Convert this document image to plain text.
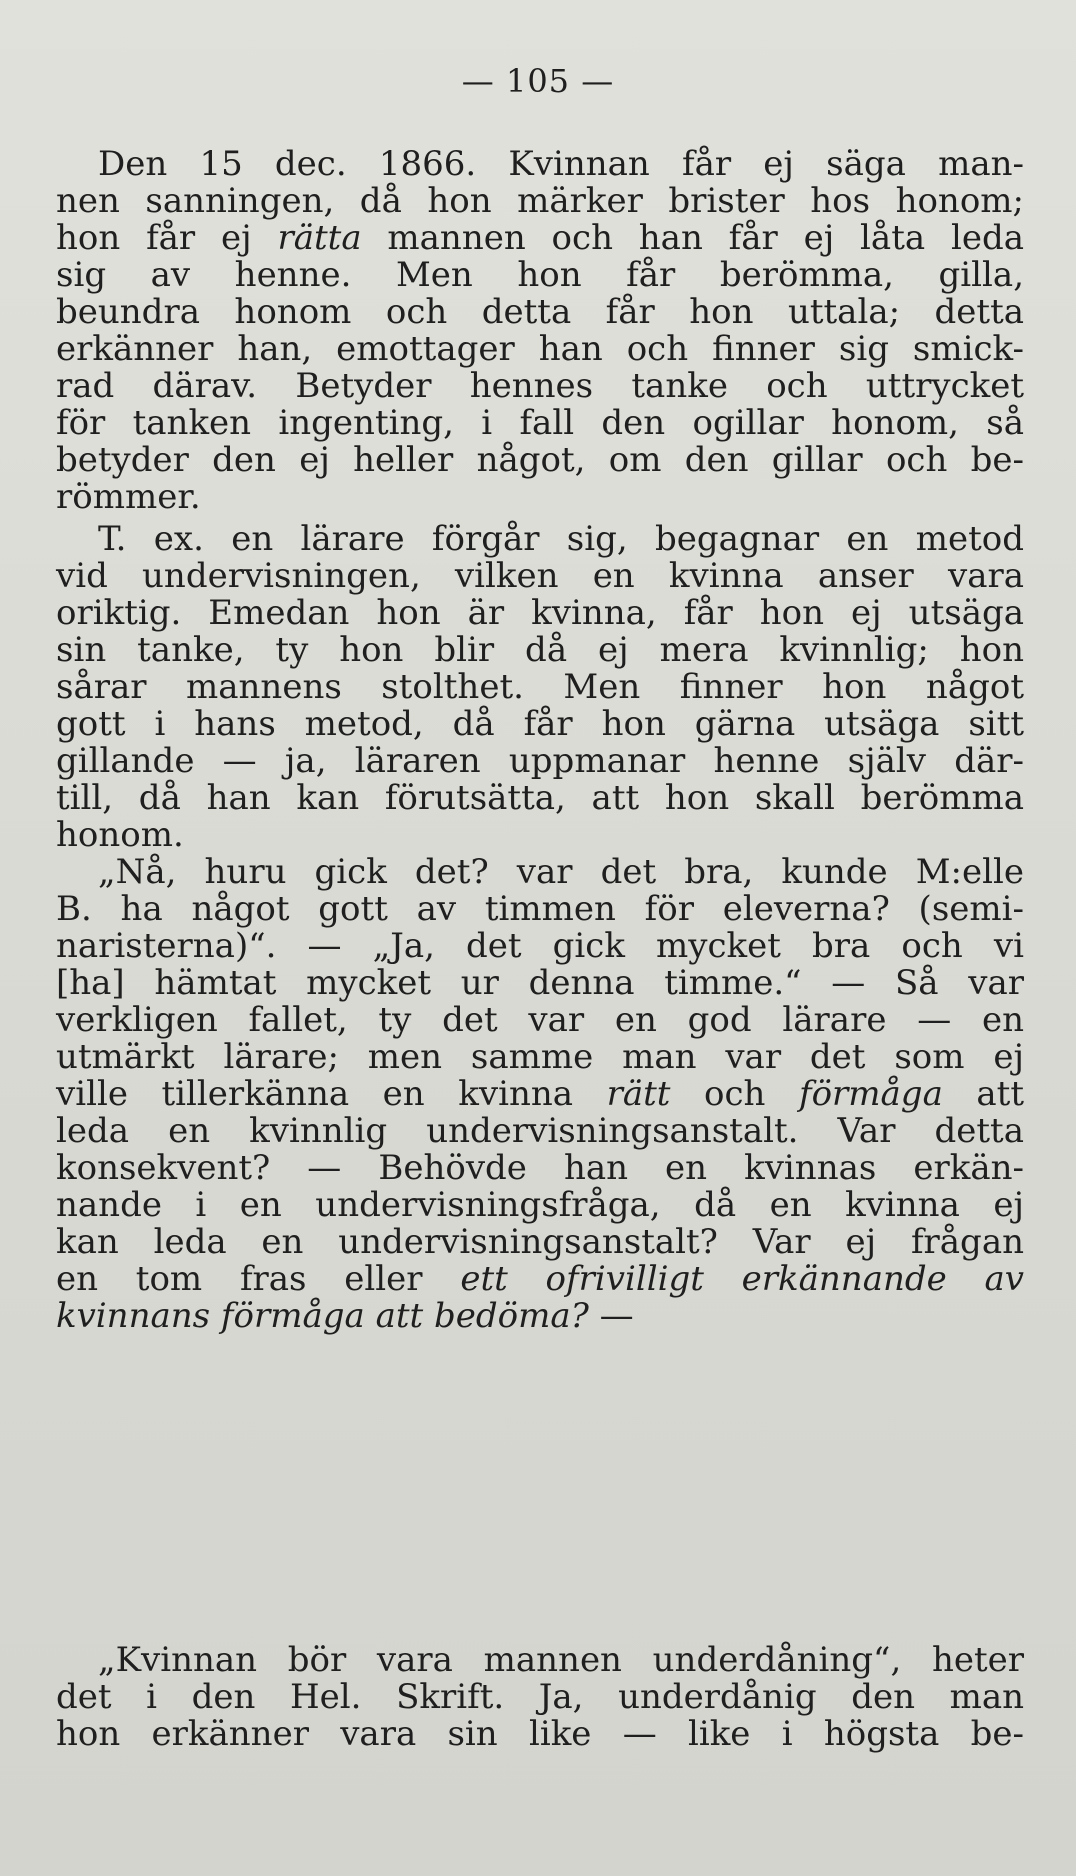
— 105 —
Den 15 dec. 1866. Kvinnan får ej säga man-
nen sanningen, då hon märker brister hos honom;
hon får ej rätta mannen och han får ej låta leda
sig av henne. Men hon får berömma, gilla,
beundra honom och detta får hon uttala; detta
erkänner han, emottager han och finner sig smick-
rad därav. Betyder hennes tanke och uttrycket
för tanken ingenting, i fall den ogillar honom, så
betyder den ej heller något, om den gillar och be-
römmer.
T. ex. en lärare förgår sig, begagnar en metod
vid undervisningen, vilken en kvinna anser vara
oriktig. Emedan hon är kvinna, får hon ej utsäga
sin tanke, ty hon blir då ej mera kvinnlig; hon
sårar mannens stolthet. Men finner hon något
gott i hans metod, då får hon gärna utsäga sitt
gillande — ja, läraren uppmanar henne själv där-
till, då han kan förutsätta, att hon skall berömma
honom.
„Nå, huru gick det? var det bra, kunde M:elle
B. ha något gott av timmen för eleverna? (semi-
naristerna)“. — „Ja, det gick mycket bra och vi
[ha] hämtat mycket ur denna timme.“ — Så var
verkligen fallet, ty det var en god lärare — en
utmärkt lärare; men samme man var det som ej
ville tillerkänna en kvinna rätt och förmåga att
leda en kvinnlig undervisningsanstalt. Var detta
konsekvent? — Behövde han en kvinnas erkän-
nande i en undervisningsfråga, då en kvinna ej
kan leda en undervisningsanstalt? Var ej frågan
en tom fras eller ett ofrivilligt erkännande av
kvinnans förmåga att bedöma? —
„Kvinnan bör vara mannen underdåning“, heter
det i den Hel. Skrift. Ja, underdånig den man
hon erkänner vara sin like — like i högsta be-
